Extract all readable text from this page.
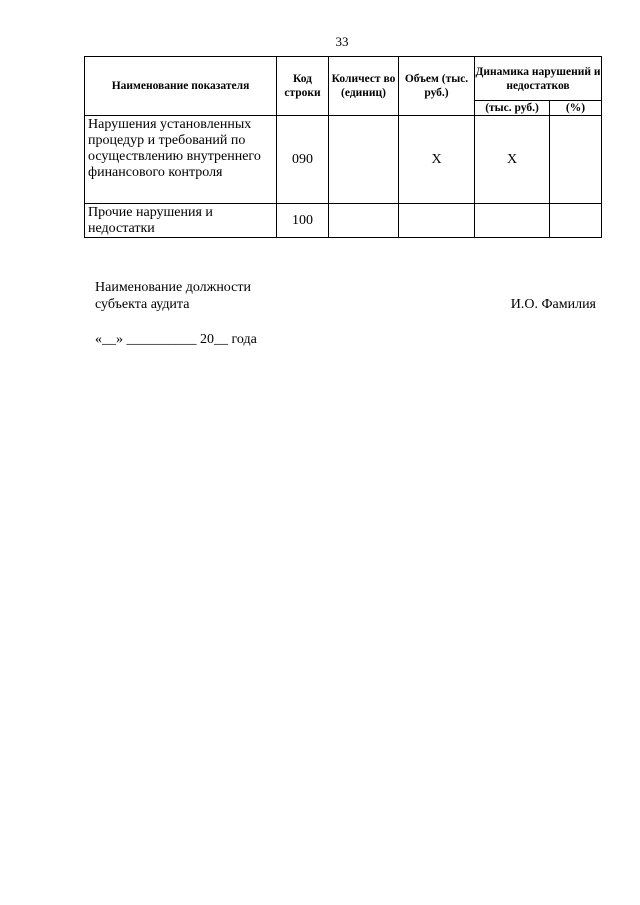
33
Наименование показателя	Код строки	Количест во (единиц)	Объем (тыс. руб.)	Динамика нарушений и недостатков	
				(тыс. руб.)	(%)
Нарушения установленных процедур и требований по осуществлению внутреннего финансового контроля	090		X	X	
Прочие нарушения и недостатки	100				
Наименование должности
субъекта аудита	И.О. Фамилия
«__» __________ 20__ года
